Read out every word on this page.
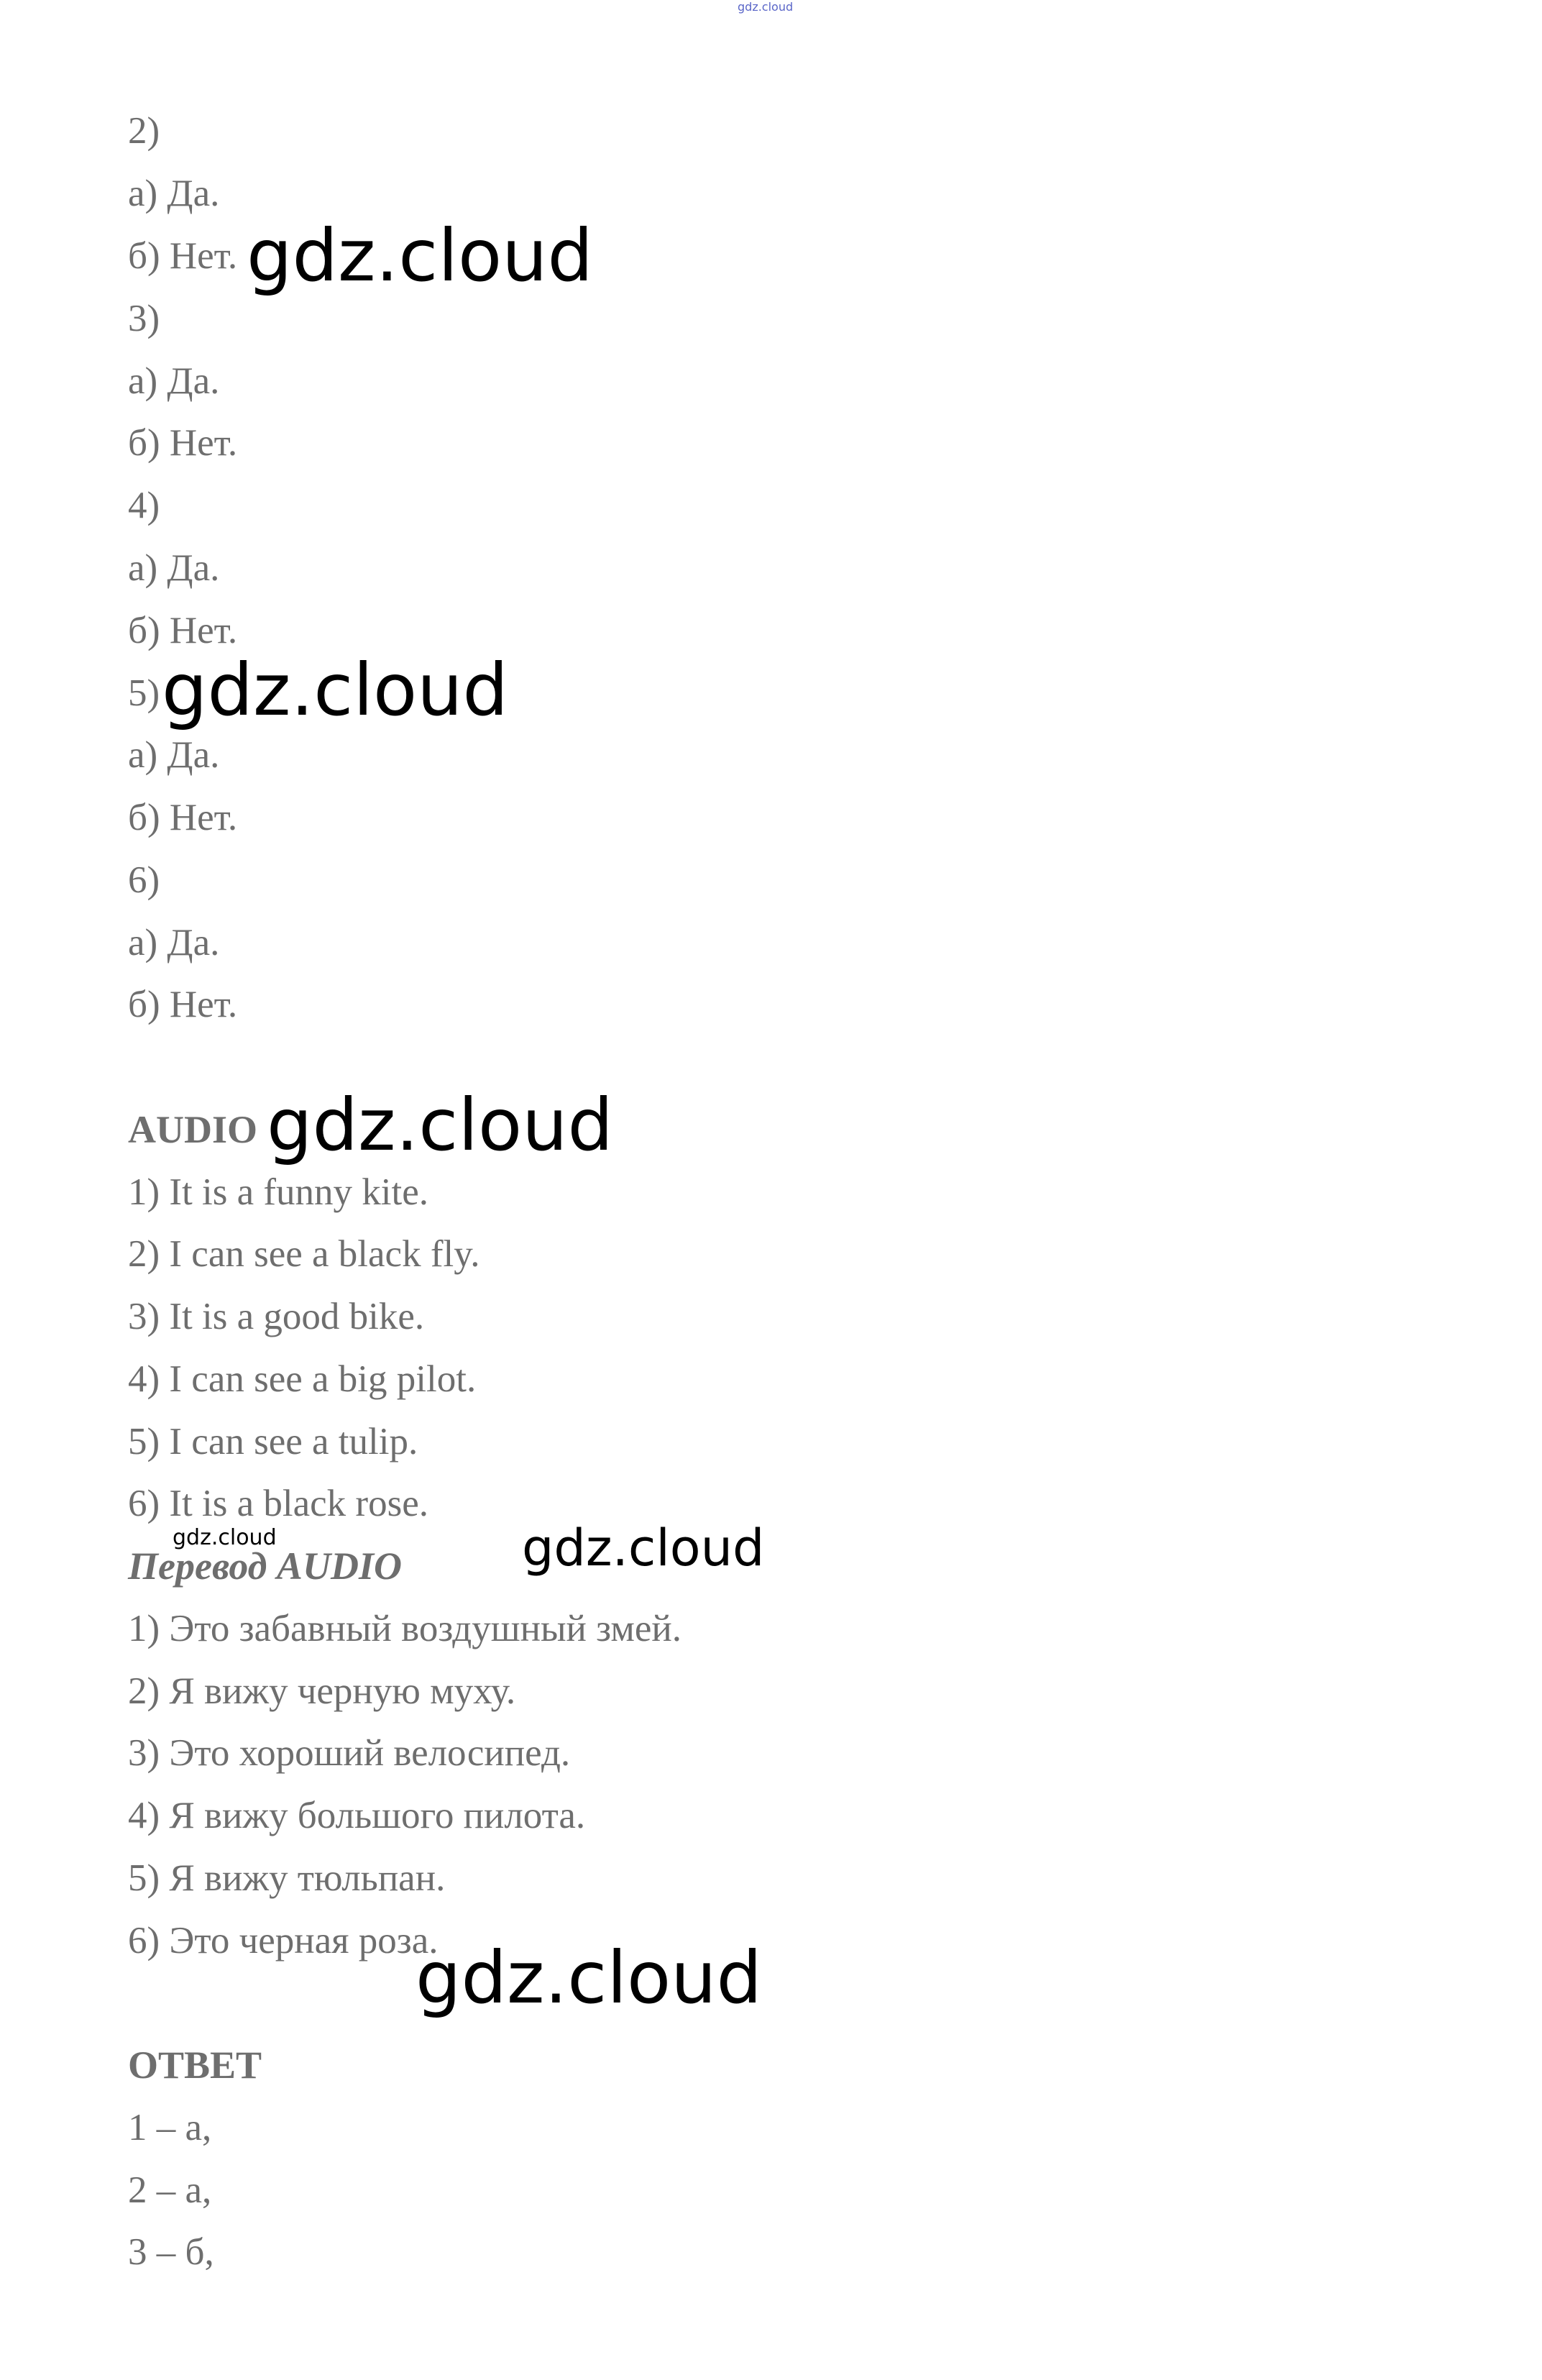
gdz.cloud
2)
а) Да.
б) Нет.
3)
а) Да.
б) Нет.
4)
а) Да.
б) Нет.
5)
а) Да.
б) Нет.
6)
а) Да.
б) Нет.
AUDIO
1) It is a funny kite.
2) I can see a black fly.
3) It is a good bike.
4) I can see a big pilot.
5) I can see a tulip.
6) It is a black rose.
Перевод AUDIO
1) Это забавный воздушный змей.
2) Я вижу черную муху.
3) Это хороший велосипед.
4) Я вижу большого пилота.
5) Я вижу тюльпан.
6) Это черная роза.
ОТВЕТ
1 – а,
2 – а,
3 – б,
gdz.cloud
gdz.cloud
gdz.cloud
gdz.cloud	gdz.cloud
gdz.cloud
